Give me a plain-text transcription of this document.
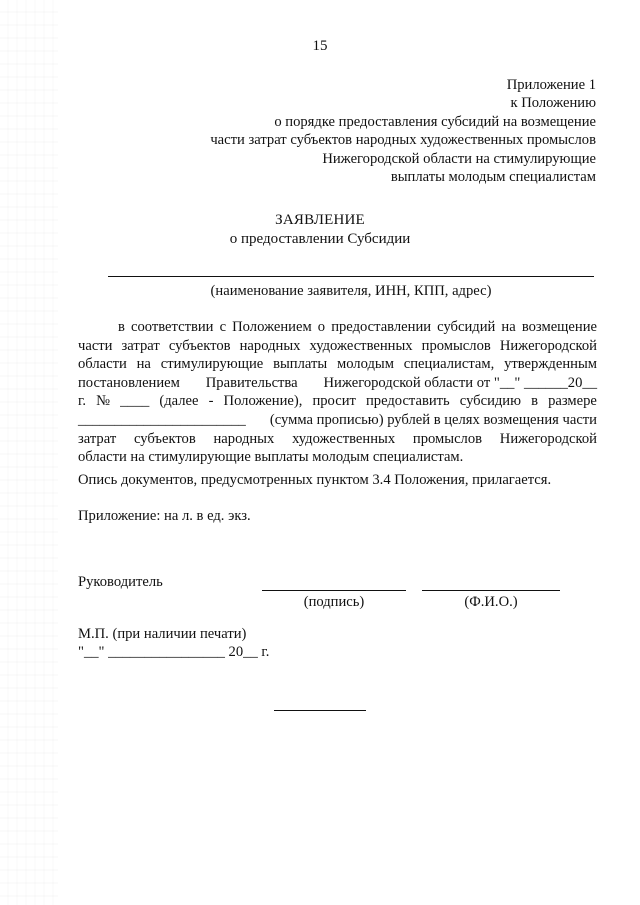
15
Приложение 1
к Положению
о порядке предоставления субсидий на возмещение
части затрат субъектов народных художественных промыслов
Нижегородской области на стимулирующие
выплаты молодым специалистам
ЗАЯВЛЕНИЕ
о предоставлении Субсидии
(наименование заявителя, ИНН, КПП, адрес)
в соответствии с Положением о предоставлении субсидий на возмещение
части затрат субъектов народных художественных промыслов Нижегородской
области на стимулирующие выплаты молодым специалистам, утвержденным
постановлением Правительства Нижегородской области от "__" ______20__
г. № ____ (далее - Положение), просит предоставить субсидию в размере
_______________________ (сумма прописью) рублей в целях возмещения части
затрат субъектов народных художественных промыслов Нижегородской
области на стимулирующие выплаты молодым специалистам.
Опись документов, предусмотренных пунктом 3.4 Положения, прилагается.
Приложение: на л. в ед. экз.
Руководитель
(подпись)	(Ф.И.О.)
М.П. (при наличии печати)
"__" ________________ 20__ г.
